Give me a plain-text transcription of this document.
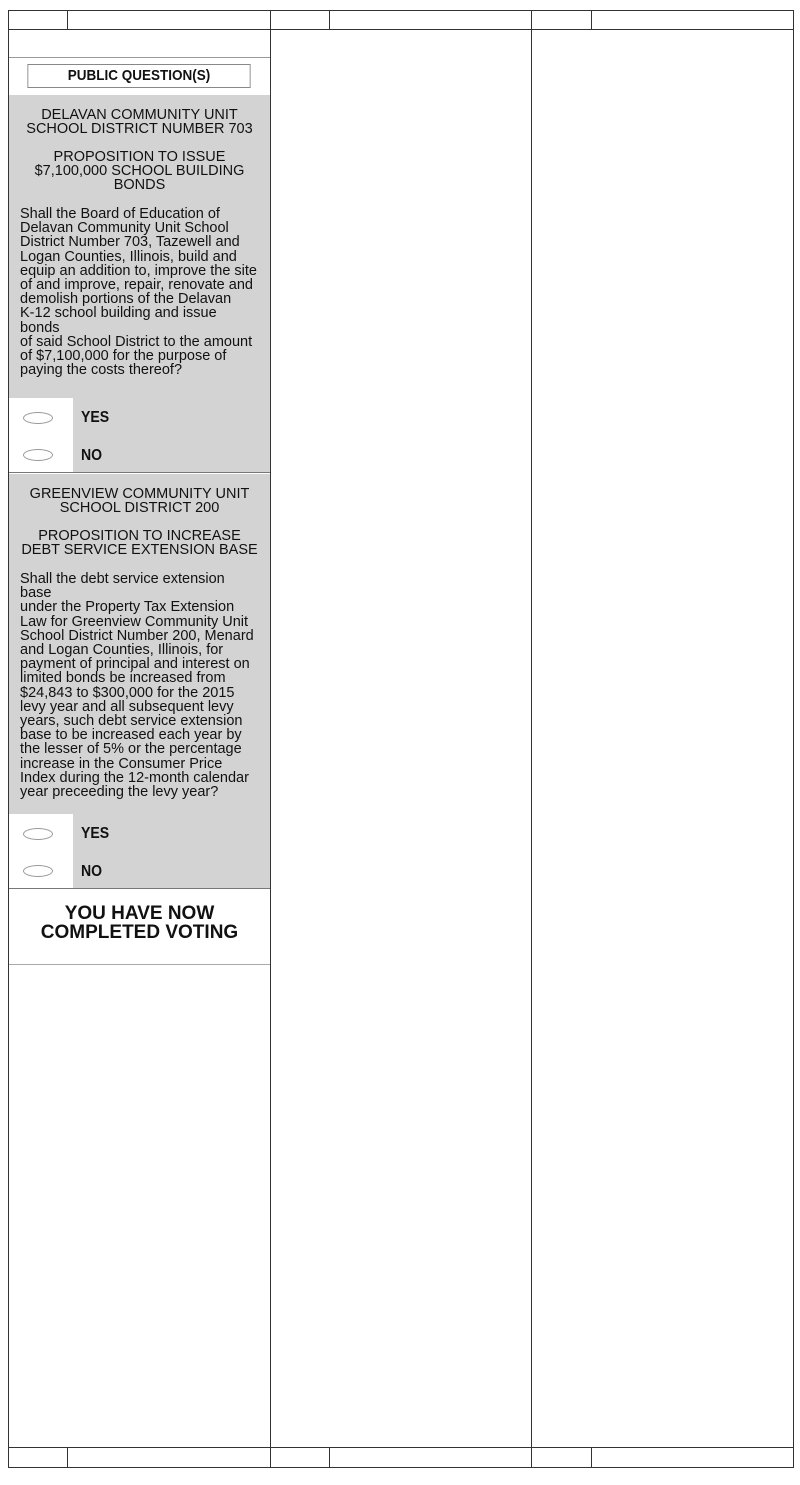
PUBLIC QUESTION(S)
DELAVAN COMMUNITY UNIT
SCHOOL DISTRICT NUMBER 703
PROPOSITION TO ISSUE
$7,100,000 SCHOOL BUILDING
BONDS
Shall the Board of Education of
Delavan Community Unit School
District Number 703, Tazewell and
Logan Counties, Illinois, build and
equip an addition to, improve the site
of and improve, repair, renovate and
demolish portions of the Delavan
K-12 school building and issue bonds
of said School District to the amount
of $7,100,000 for the purpose of
paying the costs thereof?
YES
NO
GREENVIEW COMMUNITY UNIT
SCHOOL DISTRICT 200
PROPOSITION TO INCREASE
DEBT SERVICE EXTENSION BASE
Shall the debt service extension base
under the Property Tax Extension
Law for Greenview Community Unit
School District Number 200, Menard
and Logan Counties, Illinois, for
payment of principal and interest on
limited bonds be increased from
$24,843 to $300,000 for the 2015
levy year and all subsequent levy
years, such debt service extension
base to be increased each year by
the lesser of 5% or the percentage
increase in the Consumer Price
Index during the 12-month calendar
year preceeding the levy year?
YES
NO
YOU HAVE NOW
COMPLETED VOTING
